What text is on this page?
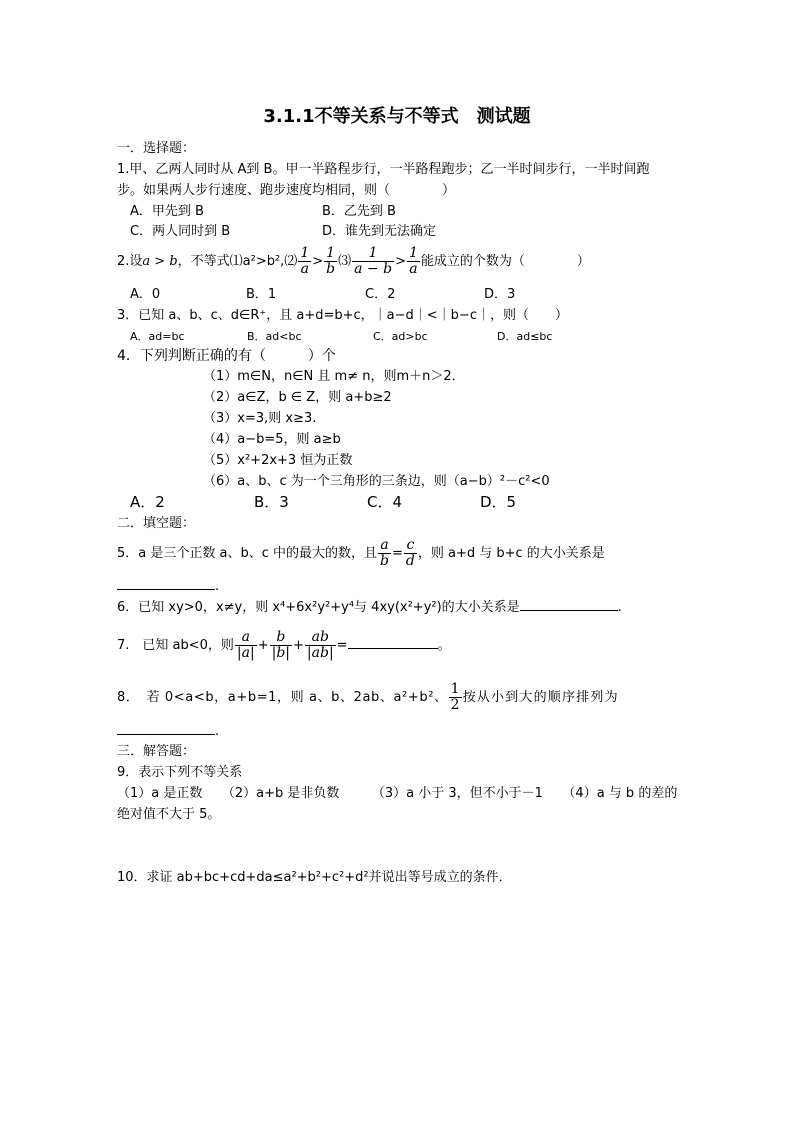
3.1.1不等关系与不等式　测试题
一．选择题：
1.甲、乙两人同时从 A到 B。甲一半路程步行，一半路程跑步；乙一半时间步行，一半时间跑
步。如果两人步行速度、跑步速度均相同，则（　　　　）
A．甲先到 B	B．乙先到 B
C．两人同时到 B	D．谁先到无法确定
2.设a > b，不等式⑴a²>b²,⑵ $\frac{1}{a} > \frac{1}{b}$ ⑶ $\frac{1}{a - b} > \frac{1}{a}$ 能成立的个数为（　　　　）
A．0	B．1	C．2	D．3
3．已知 a、b、c、d∈R⁺，且 a+d=b+c，｜a−d｜<｜b−c｜，则（　　）
A．ad=bc	B．ad<bc	C．ad>bc	D．ad≤bc
4．下列判断正确的有（　　　）个
（1）m∈N，n∈N 且 m≠ n，则m＋n＞2．
（2）a∈Z，b ∈ Z，则 a+b≥2
（3）x=3,则 x≥3.
（4）a−b=5，则 a≥b
（5）x²+2x+3 恒为正数
（6）a、b、c 为一个三角形的三条边，则（a−b）²－c²<0
A．2	B．3	C．4	D．5
二．填空题：
5．a 是三个正数 a、b、c 中的最大的数，且 $\frac{a}{b} = \frac{c}{d}$ ，则 a+d 与 b+c 的大小关系是
.
6．已知 xy>0，x≠y，则 x⁴+6x²y²+y⁴与 4xy(x²+y²)的大小关系是	.
7.　已知 ab<0，则 $\frac{a}{|a|} + \frac{b}{|b|} + \frac{ab}{|ab|}$ =	。
8．　若 0<a<b，a+b=1，则 a、b、2ab、a²+b²、 $\frac{1}{2}$ 按从小到大的顺序排列为
.
三．解答题：
9．表示下列不等关系
（1）a 是正数　　（2）a+b 是非负数　　　（3）a 小于 3，但不小于－1　　（4）a 与 b 的差的
绝对值不大于 5。
10．求证 ab+bc+cd+da≤a²+b²+c²+d²并说出等号成立的条件．
